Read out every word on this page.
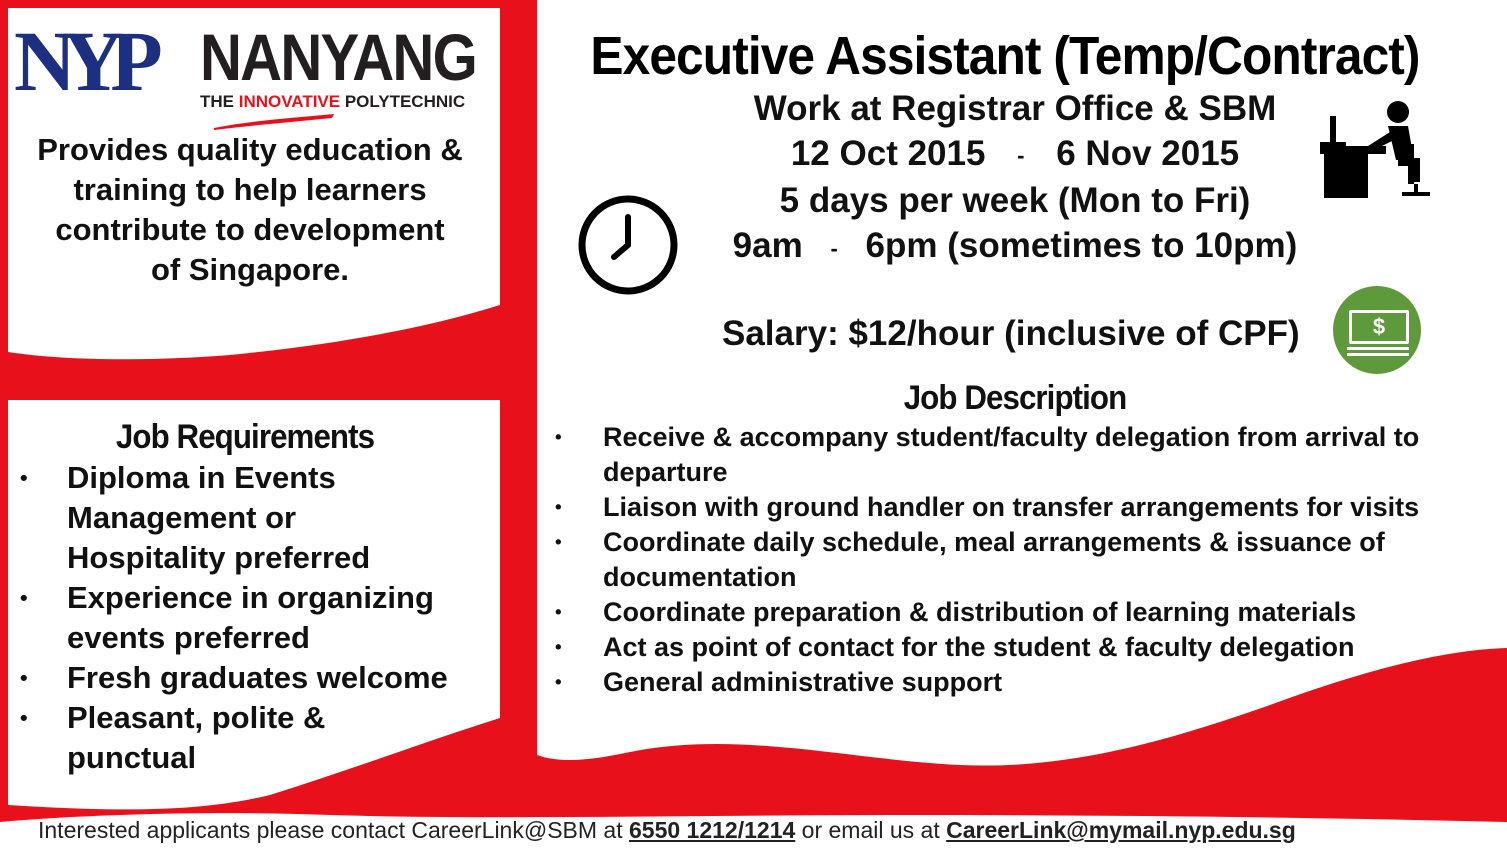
NYP NANYANG
THE INNOVATIVE POLYTECHNIC
Provides quality education &
training to help learners
contribute to development
of Singapore.
Executive Assistant (Temp/Contract)
Work at Registrar Office & SBM
12 Oct 2015 - 6 Nov 2015
5 days per week (Mon to Fri)
9am - 6pm (sometimes to 10pm)
Salary: $12/hour (inclusive of CPF)	$
Job Requirements
• Diploma in Events
Management or
Hospitality preferred
• Experience in organizing
events preferred
• Fresh graduates welcome
• Pleasant, polite &
punctual
Job Description
• Receive & accompany student/faculty delegation from arrival to
departure
• Liaison with ground handler on transfer arrangements for visits
• Coordinate daily schedule, meal arrangements & issuance of
documentation
• Coordinate preparation & distribution of learning materials
• Act as point of contact for the student & faculty delegation
• General administrative support
Interested applicants please contact CareerLink@SBM at 6550 1212/1214 or email us at CareerLink@mymail.nyp.edu.sg
